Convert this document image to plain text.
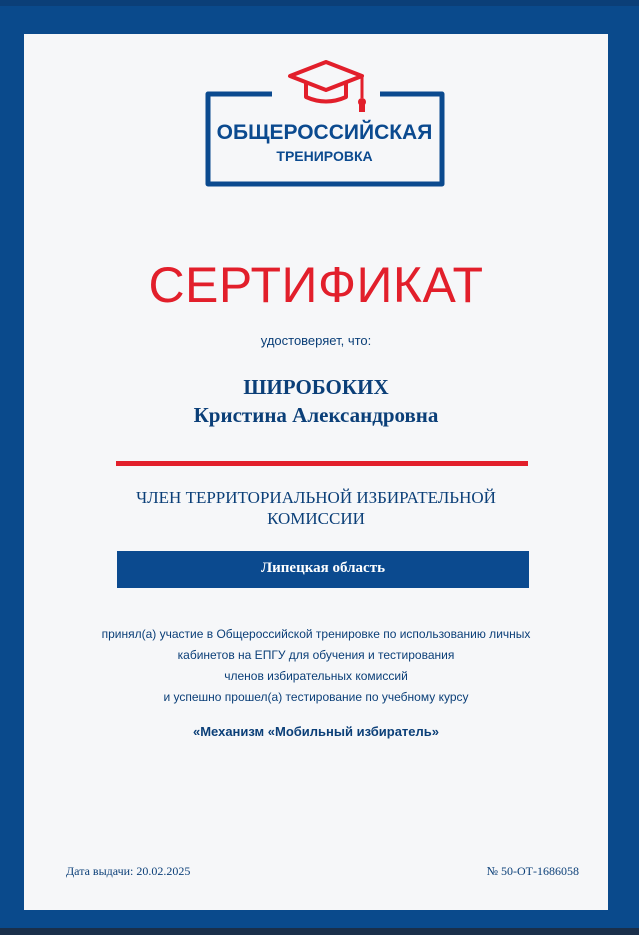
ОБЩЕРОССИЙСКАЯ
ТРЕНИРОВКА
СЕРТИФИКАТ
удостоверяет, что:
ШИРОБОКИХ
Кристина Александровна
ЧЛЕН ТЕРРИТОРИАЛЬНОЙ ИЗБИРАТЕЛЬНОЙ
КОМИССИИ
Липецкая область
принял(а) участие в Общероссийской тренировке по использованию личных
кабинетов на ЕПГУ для обучения и тестирования
членов избирательных комиссий
и успешно прошел(а) тестирование по учебному курсу
«Механизм «Мобильный избиратель»
Дата выдачи: 20.02.2025	№ 50-ОТ-1686058
